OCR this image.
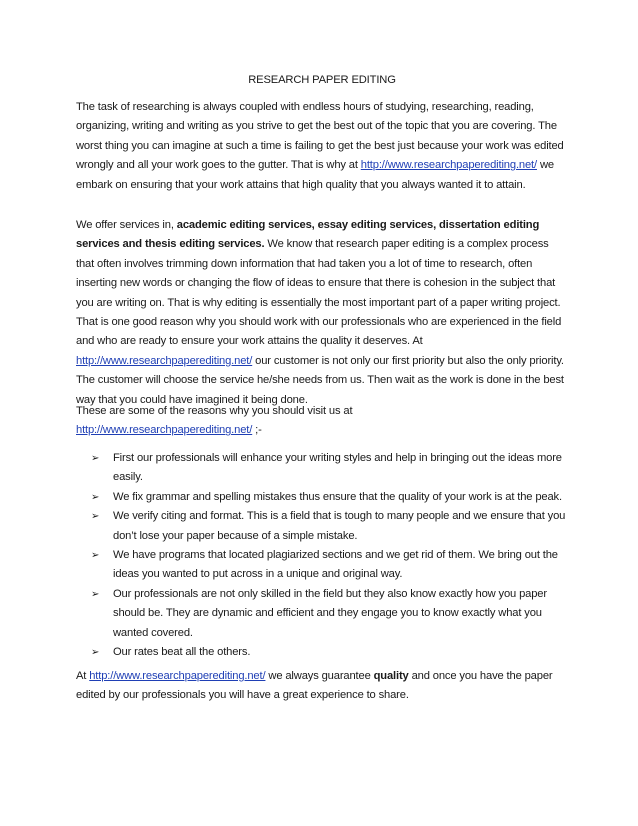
RESEARCH PAPER EDITING

The task of researching is always coupled with endless hours of studying, researching, reading, organizing, writing and writing as you strive to get the best out of the topic that you are covering. The worst thing you can imagine at such a time is failing to get the best just because your work was edited wrongly and all your work goes to the gutter. That is why at http://www.researchpaperediting.net/ we embark on ensuring that your work attains that high quality that you always wanted it to attain.

We offer services in, academic editing services, essay editing services, dissertation editing services and thesis editing services. We know that research paper editing is a complex process that often involves trimming down information that had taken you a lot of time to research, often inserting new words or changing the flow of ideas to ensure that there is cohesion in the subject that you are writing on. That is why editing is essentially the most important part of a paper writing project. That is one good reason why you should work with our professionals who are experienced in the field and who are ready to ensure your work attains the quality it deserves. At http://www.researchpaperediting.net/ our customer is not only our first priority but also the only priority. The customer will choose the service he/she needs from us. Then wait as the work is done in the best way that you could have imagined it being done.

These are some of the reasons why you should visit us at
http://www.researchpaperediting.net/ ;-

➢ First our professionals will enhance your writing styles and help in bringing out the ideas more easily.
➢ We fix grammar and spelling mistakes thus ensure that the quality of your work is at the peak.
➢ We verify citing and format. This is a field that is tough to many people and we ensure that you don’t lose your paper because of a simple mistake.
➢ We have programs that located plagiarized sections and we get rid of them. We bring out the ideas you wanted to put across in a unique and original way.
➢ Our professionals are not only skilled in the field but they also know exactly how you paper should be. They are dynamic and efficient and they engage you to know exactly what you wanted covered.
➢ Our rates beat all the others.

At http://www.researchpaperediting.net/ we always guarantee quality and once you have the paper edited by our professionals you will have a great experience to share.
